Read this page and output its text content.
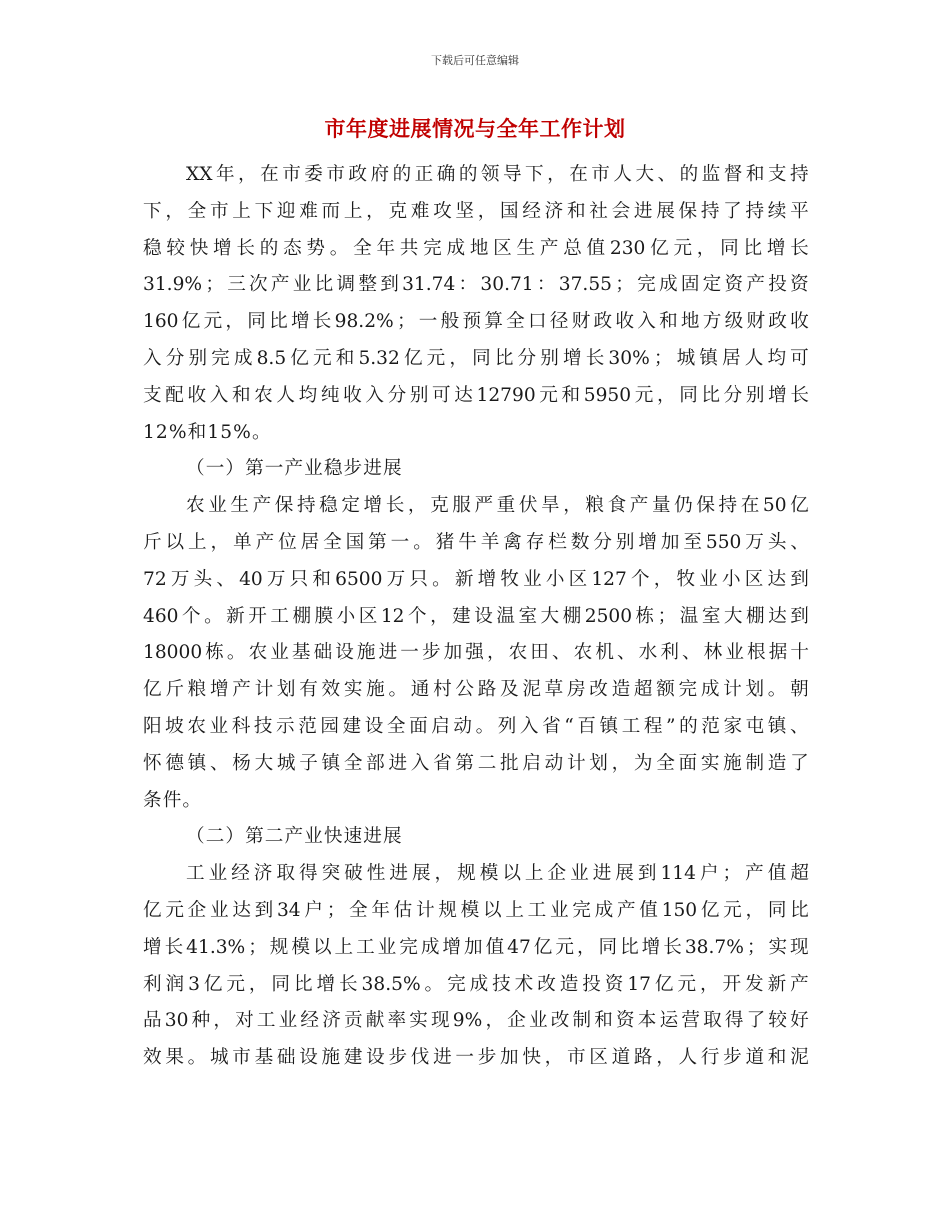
下载后可任意编辑
市年度进展情况与全年工作计划
XX 年 ， 在 市 委 市 政 府 的 正 确 的 领 导 下 ， 在 市 人 大 、 的 监 督 和 支 持
下 ， 全 市 上 下 迎 难 而 上 ， 克 难 攻 坚 ， 国 经 济 和 社 会 进 展 保 持 了 持 续 平
稳 较 快 增 长 的 态 势 。 全 年 共 完 成 地 区 生 产 总 值 230 亿 元 ， 同 比 增 长
31.9% ； 三 次 产 业 比 调 整 到 31.74 ： 30.71 ： 37.55 ； 完 成 固 定 资 产 投 资
160 亿 元 ， 同 比 增 长 98.2% ； 一 般 预 算 全 口 径 财 政 收 入 和 地 方 级 财 政 收
入 分 别 完 成 8.5 亿 元 和 5.32 亿 元 ， 同 比 分 别 增 长 30% ； 城 镇 居 人 均 可
支 配 收 入 和 农 人 均 纯 收 入 分 别 可 达 12790 元 和 5950 元 ， 同 比 分 别 增 长
12%和15%。
（一）第一产业稳步进展
农 业 生 产 保 持 稳 定 增 长 ， 克 服 严 重 伏 旱 ， 粮 食 产 量 仍 保 持 在 50 亿
斤 以 上 ， 单 产 位 居 全 国 第 一 。 猪 牛 羊 禽 存 栏 数 分 别 增 加 至 550 万 头 、
72 万 头 、 40 万 只 和 6500 万 只 。 新 增 牧 业 小 区 127 个 ， 牧 业 小 区 达 到
460 个 。 新 开 工 棚 膜 小 区 12 个 ， 建 设 温 室 大 棚 2500 栋 ； 温 室 大 棚 达 到
18000 栋 。 农 业 基 础 设 施 进 一 步 加 强 ， 农 田 、 农 机 、 水 利 、 林 业 根 据 十
亿 斤 粮 增 产 计 划 有 效 实 施 。 通 村 公 路 及 泥 草 房 改 造 超 额 完 成 计 划 。 朝
阳 坡 农 业 科 技 示 范 园 建 设 全 面 启 动 。 列 入 省 “ 百 镇 工 程 ” 的 范 家 屯 镇 、
怀 德 镇 、 杨 大 城 子 镇 全 部 进 入 省 第 二 批 启 动 计 划 ， 为 全 面 实 施 制 造 了
条件。
（二）第二产业快速进展
工 业 经 济 取 得 突 破 性 进 展 ， 规 模 以 上 企 业 进 展 到 114 户 ； 产 值 超
亿 元 企 业 达 到 34 户 ； 全 年 估 计 规 模 以 上 工 业 完 成 产 值 150 亿 元 ， 同 比
增 长 41.3% ； 规 模 以 上 工 业 完 成 增 加 值 47 亿 元 ， 同 比 增 长 38.7% ； 实 现
利 润 3 亿 元 ， 同 比 增 长 38.5% 。 完 成 技 术 改 造 投 资 17 亿 元 ， 开 发 新 产
品 30 种 ， 对 工 业 经 济 贡 献 率 实 现 9% ， 企 业 改 制 和 资 本 运 营 取 得 了 较 好
效 果 。 城 市 基 础 设 施 建 设 步 伐 进 一 步 加 快 ， 市 区 道 路 ， 人 行 步 道 和 泥
